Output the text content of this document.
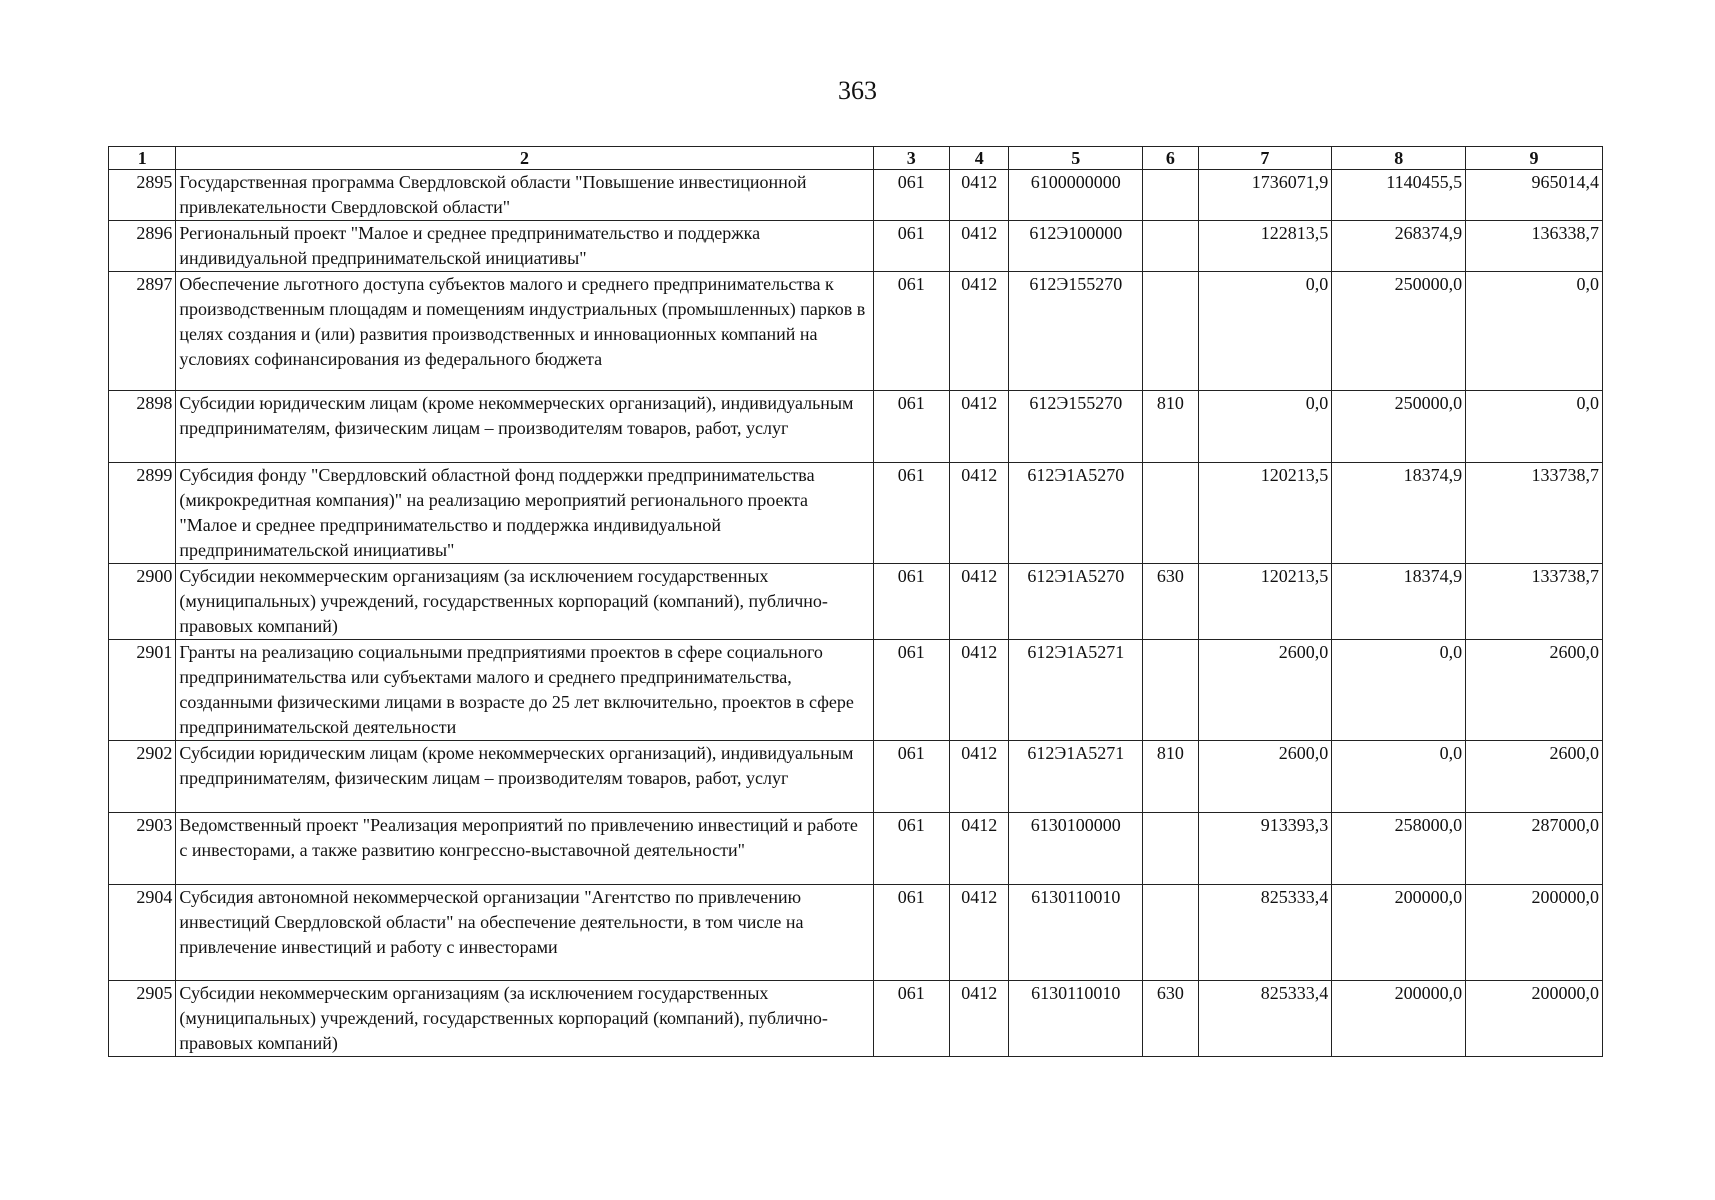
363
1	2	3	4	5	6	7	8	9
2895	Государственная программа Свердловской области "Повышение инвестиционной привлекательности Свердловской области"	061	0412	6100000000		1736071,9	1140455,5	965014,4
2896	Региональный проект "Малое и среднее предпринимательство и поддержка индивидуальной предпринимательской инициативы"	061	0412	612Э100000		122813,5	268374,9	136338,7
2897	Обеспечение льготного доступа субъектов малого и среднего предпринимательства к производственным площадям и помещениям индустриальных (промышленных) парков в целях создания и (или) развития производственных и инновационных компаний на условиях софинансирования из федерального бюджета	061	0412	612Э155270		0,0	250000,0	0,0
2898	Субсидии юридическим лицам (кроме некоммерческих организаций), индивидуальным предпринимателям, физическим лицам – производителям товаров, работ, услуг	061	0412	612Э155270	810	0,0	250000,0	0,0
2899	Субсидия фонду "Свердловский областной фонд поддержки предпринимательства (микрокредитная компания)" на реализацию мероприятий регионального проекта "Малое и среднее предпринимательство и поддержка индивидуальной предпринимательской инициативы"	061	0412	612Э1А5270		120213,5	18374,9	133738,7
2900	Субсидии некоммерческим организациям (за исключением государственных (муниципальных) учреждений, государственных корпораций (компаний), публично-правовых компаний)	061	0412	612Э1А5270	630	120213,5	18374,9	133738,7
2901	Гранты на реализацию социальными предприятиями проектов в сфере социального предпринимательства или субъектами малого и среднего предпринимательства, созданными физическими лицами в возрасте до 25 лет включительно, проектов в сфере предпринимательской деятельности	061	0412	612Э1А5271		2600,0	0,0	2600,0
2902	Субсидии юридическим лицам (кроме некоммерческих организаций), индивидуальным предпринимателям, физическим лицам – производителям товаров, работ, услуг	061	0412	612Э1А5271	810	2600,0	0,0	2600,0
2903	Ведомственный проект "Реализация мероприятий по привлечению инвестиций и работе с инвесторами, а также развитию конгрессно-выставочной деятельности"	061	0412	6130100000		913393,3	258000,0	287000,0
2904	Субсидия автономной некоммерческой организации "Агентство по привлечению инвестиций Свердловской области" на обеспечение деятельности, в том числе на привлечение инвестиций и работу с инвесторами	061	0412	6130110010		825333,4	200000,0	200000,0
2905	Субсидии некоммерческим организациям (за исключением государственных (муниципальных) учреждений, государственных корпораций (компаний), публично-правовых компаний)	061	0412	6130110010	630	825333,4	200000,0	200000,0
